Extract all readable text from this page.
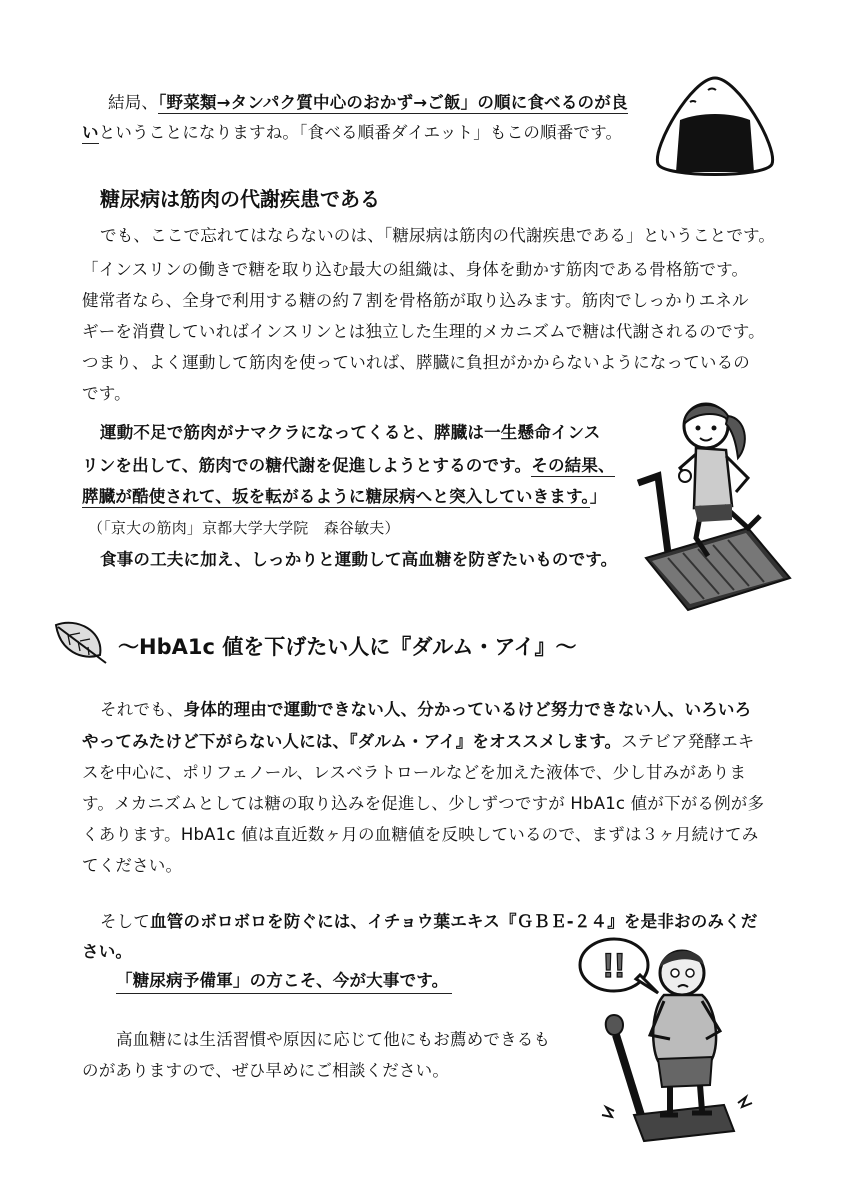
結局、「野菜類→タンパク質中心のおかず→ご飯」の順に食べるのが良
いということになりますね。「食べる順番ダイエット」もこの順番です。
糖尿病は筋肉の代謝疾患である
でも、ここで忘れてはならないのは、「糖尿病は筋肉の代謝疾患である」ということです。
「インスリンの働きで糖を取り込む最大の組織は、身体を動かす筋肉である骨格筋です。
健常者なら、全身で利用する糖の約７割を骨格筋が取り込みます。筋肉でしっかりエネル
ギーを消費していればインスリンとは独立した生理的メカニズムで糖は代謝されるのです。
つまり、よく運動して筋肉を使っていれば、膵臓に負担がかからないようになっているの
です。
運動不足で筋肉がナマクラになってくると、膵臓は一生懸命インス
リンを出して、筋肉での糖代謝を促進しようとするのです。その結果、
膵臓が酷使されて、坂を転がるように糖尿病へと突入していきます。」
（「京大の筋肉」京都大学大学院　森谷敏夫）
食事の工夫に加え、しっかりと運動して高血糖を防ぎたいものです。
～HbA1c 値を下げたい人に『ダルム・アイ』～
それでも、身体的理由で運動できない人、分かっているけど努力できない人、いろいろ
やってみたけど下がらない人には、『ダルム・アイ』をオススメします。ステビア発酵エキ
スを中心に、ポリフェノール、レスベラトロールなどを加えた液体で、少し甘みがありま
す。メカニズムとしては糖の取り込みを促進し、少しずつですが HbA1c 値が下がる例が多
くあります。HbA1c 値は直近数ヶ月の血糖値を反映しているので、まずは３ヶ月続けてみ
てください。
そして血管のボロボロを防ぐには、イチョウ葉エキス『ＧＢＥ-２４』を是非おのみくだ
さい。
「糖尿病予備軍」の方こそ、今が大事です。
高血糖には生活習慣や原因に応じて他にもお薦めできるも
のがありますので、ぜひ早めにご相談ください。
!!
